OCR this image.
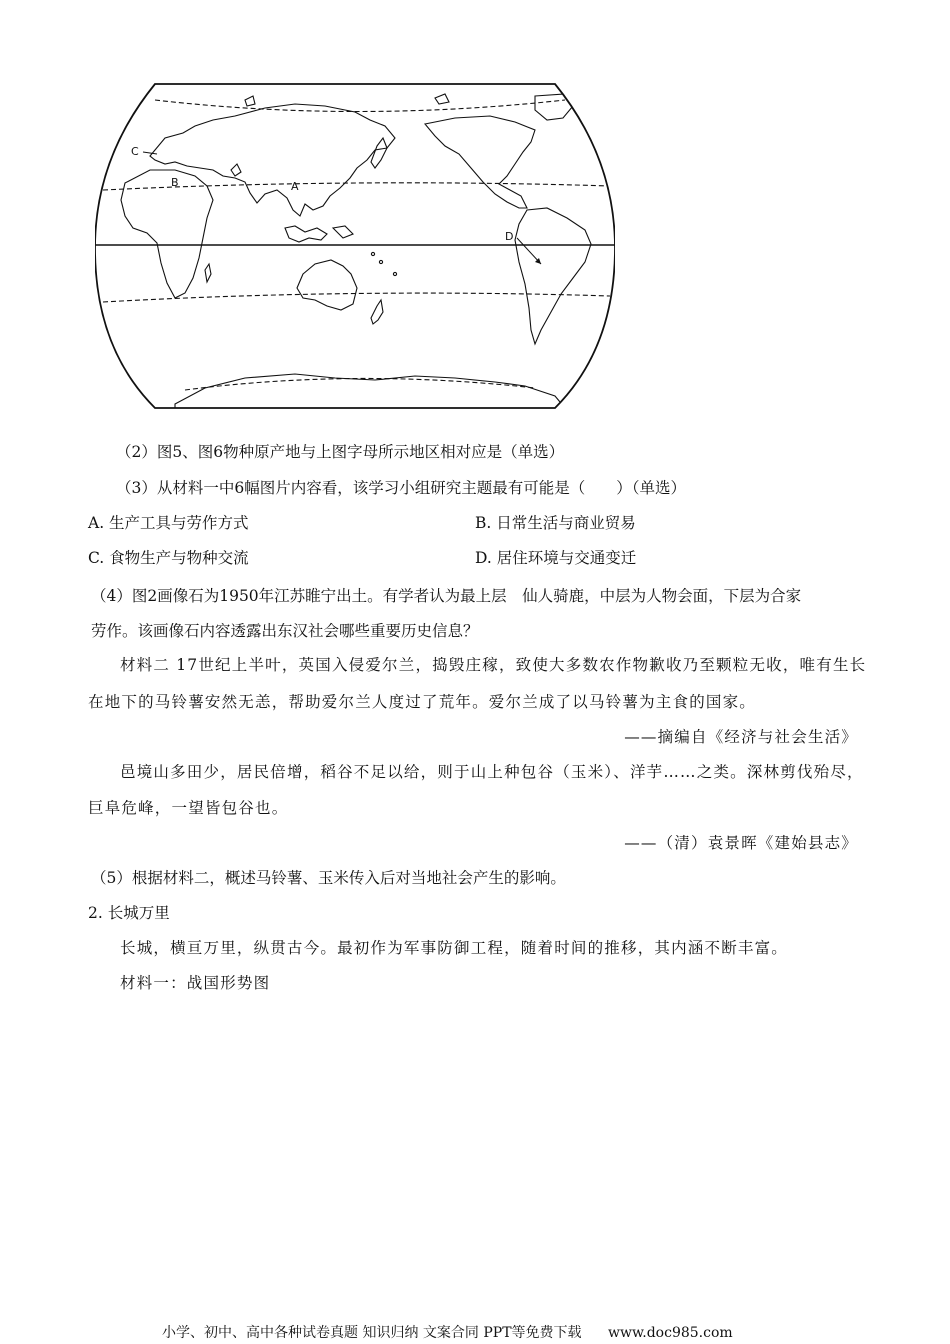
C
B	A
D
（2）图5、图6物种原产地与上图字母所示地区相对应是（单选）
（3）从材料一中6幅图片内容看，该学习小组研究主题最有可能是（　　）（单选）
A. 生产工具与劳作方式	B. 日常生活与商业贸易
C. 食物生产与物种交流	D. 居住环境与交通变迁
（4）图2画像石为1950年江苏睢宁出土。有学者认为最上层　仙人骑鹿，中层为人物会面，下层为合家
劳作。该画像石内容透露出东汉社会哪些重要历史信息？
材料二 17世纪上半叶，英国入侵爱尔兰，捣毁庄稼，致使大多数农作物歉收乃至颗粒无收，唯有生长
在地下的马铃薯安然无恙，帮助爱尔兰人度过了荒年。爱尔兰成了以马铃薯为主食的国家。
——摘编自《经济与社会生活》
邑境山多田少，居民倍增，稻谷不足以给，则于山上种包谷（玉米）、洋芋……之类。深林剪伐殆尽，
巨阜危峰，一望皆包谷也。
——（清）袁景晖《建始县志》
（5）根据材料二，概述马铃薯、玉米传入后对当地社会产生的影响。
2. 长城万里
长城，横亘万里，纵贯古今。最初作为军事防御工程，随着时间的推移，其内涵不断丰富。
材料一：战国形势图
小学、初中、高中各种试卷真题 知识归纳 文案合同 PPT等免费下载 www.doc985.com
